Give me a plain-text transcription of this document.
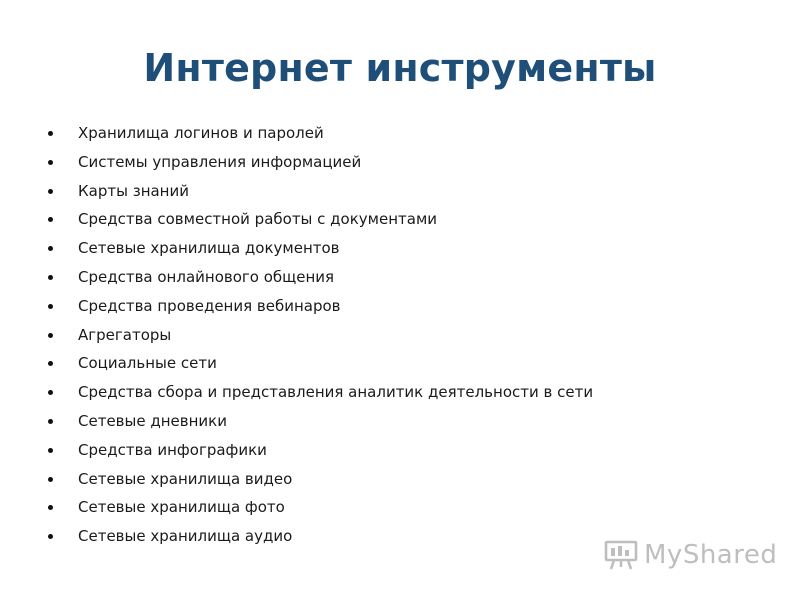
Интернет инструменты
Хранилища логинов и паролей
Системы управления информацией
Карты знаний
Средства совместной работы с документами
Сетевые хранилища документов
Средства онлайнового общения
Средства проведения вебинаров
Агрегаторы
Социальные сети
Средства сбора и представления аналитик деятельности в сети
Сетевые дневники
Средства инфографики
Сетевые хранилища видео
Сетевые хранилища фото
Сетевые хранилища аудио
MyShared
